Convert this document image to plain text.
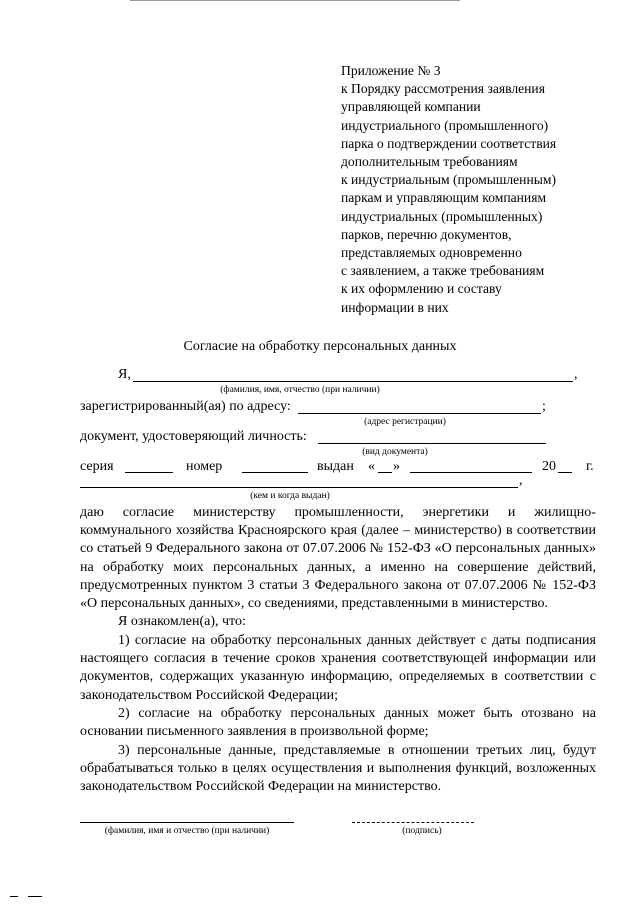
Приложение № 3
к Порядку рассмотрения заявления
управляющей компании
индустриального (промышленного)
парка о подтверждении соответствия
дополнительным требованиям
к индустриальным (промышленным)
паркам и управляющим компаниям
индустриальных (промышленных)
парков, перечню документов,
представляемых одновременно
с заявлением, а также требованиям
к их оформлению и составу
информации в них
Согласие на обработку персональных данных
Я,	,
(фамилия, имя, отчество (при наличии)
зарегистрированный(ая) по адресу:	;
(адрес регистрации)
документ, удостоверяющий личность:
(вид документа)
серия	номер	выдан « »	20 г.
,
(кем и когда выдан)
даю согласие министерству промышленности, энергетики и жилищно-

коммунального хозяйства Красноярского края (далее – министерство) в соответствии со статьей 9 Федерального закона от 07.07.2006 № 152-ФЗ «О персональных данных» на обработку моих персональных данных, а именно на совершение действий, предусмотренных пунктом 3 статьи 3 Федерального закона от 07.07.2006 № 152-ФЗ «О персональных данных», со сведениями, представленными в министерство.

Я ознакомлен(а), что:

1) согласие на обработку персональных данных действует с даты подписания настоящего согласия в течение сроков хранения соответствующей информации или документов, содержащих указанную информацию, определяемых в соответствии с законодательством Российской Федерации;

2) согласие на обработку персональных данных может быть отозвано на основании письменного заявления в произвольной форме;

3) персональные данные, представляемые в отношении третьих лиц, будут обрабатываться только в целях осуществления и выполнения функций, возложенных законодательством Российской Федерации на министерство.

(фамилия, имя и отчество (при наличии)	(подпись)
